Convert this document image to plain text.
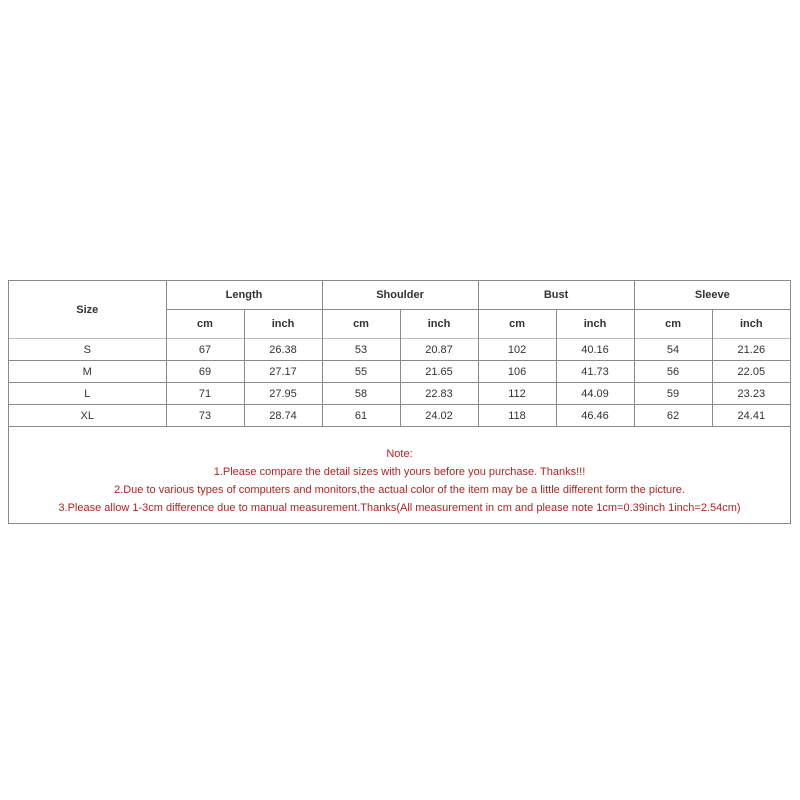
Size	Length		Shoulder		Bust		Sleeve	
	cm	inch	cm	inch	cm	inch	cm	inch
S	67	26.38	53	20.87	102	40.16	54	21.26
M	69	27.17	55	21.65	106	41.73	56	22.05
L	71	27.95	58	22.83	112	44.09	59	23.23
XL	73	28.74	61	24.02	118	46.46	62	24.41
Note:
1.Please compare the detail sizes with yours before you purchase. Thanks!!!
2.Due to various types of computers and monitors,the actual color of the item may be a little different form the picture.
3.Please allow 1-3cm difference due to manual measurement.Thanks(All measurement in cm and please note 1cm=0.39inch 1inch=2.54cm)
